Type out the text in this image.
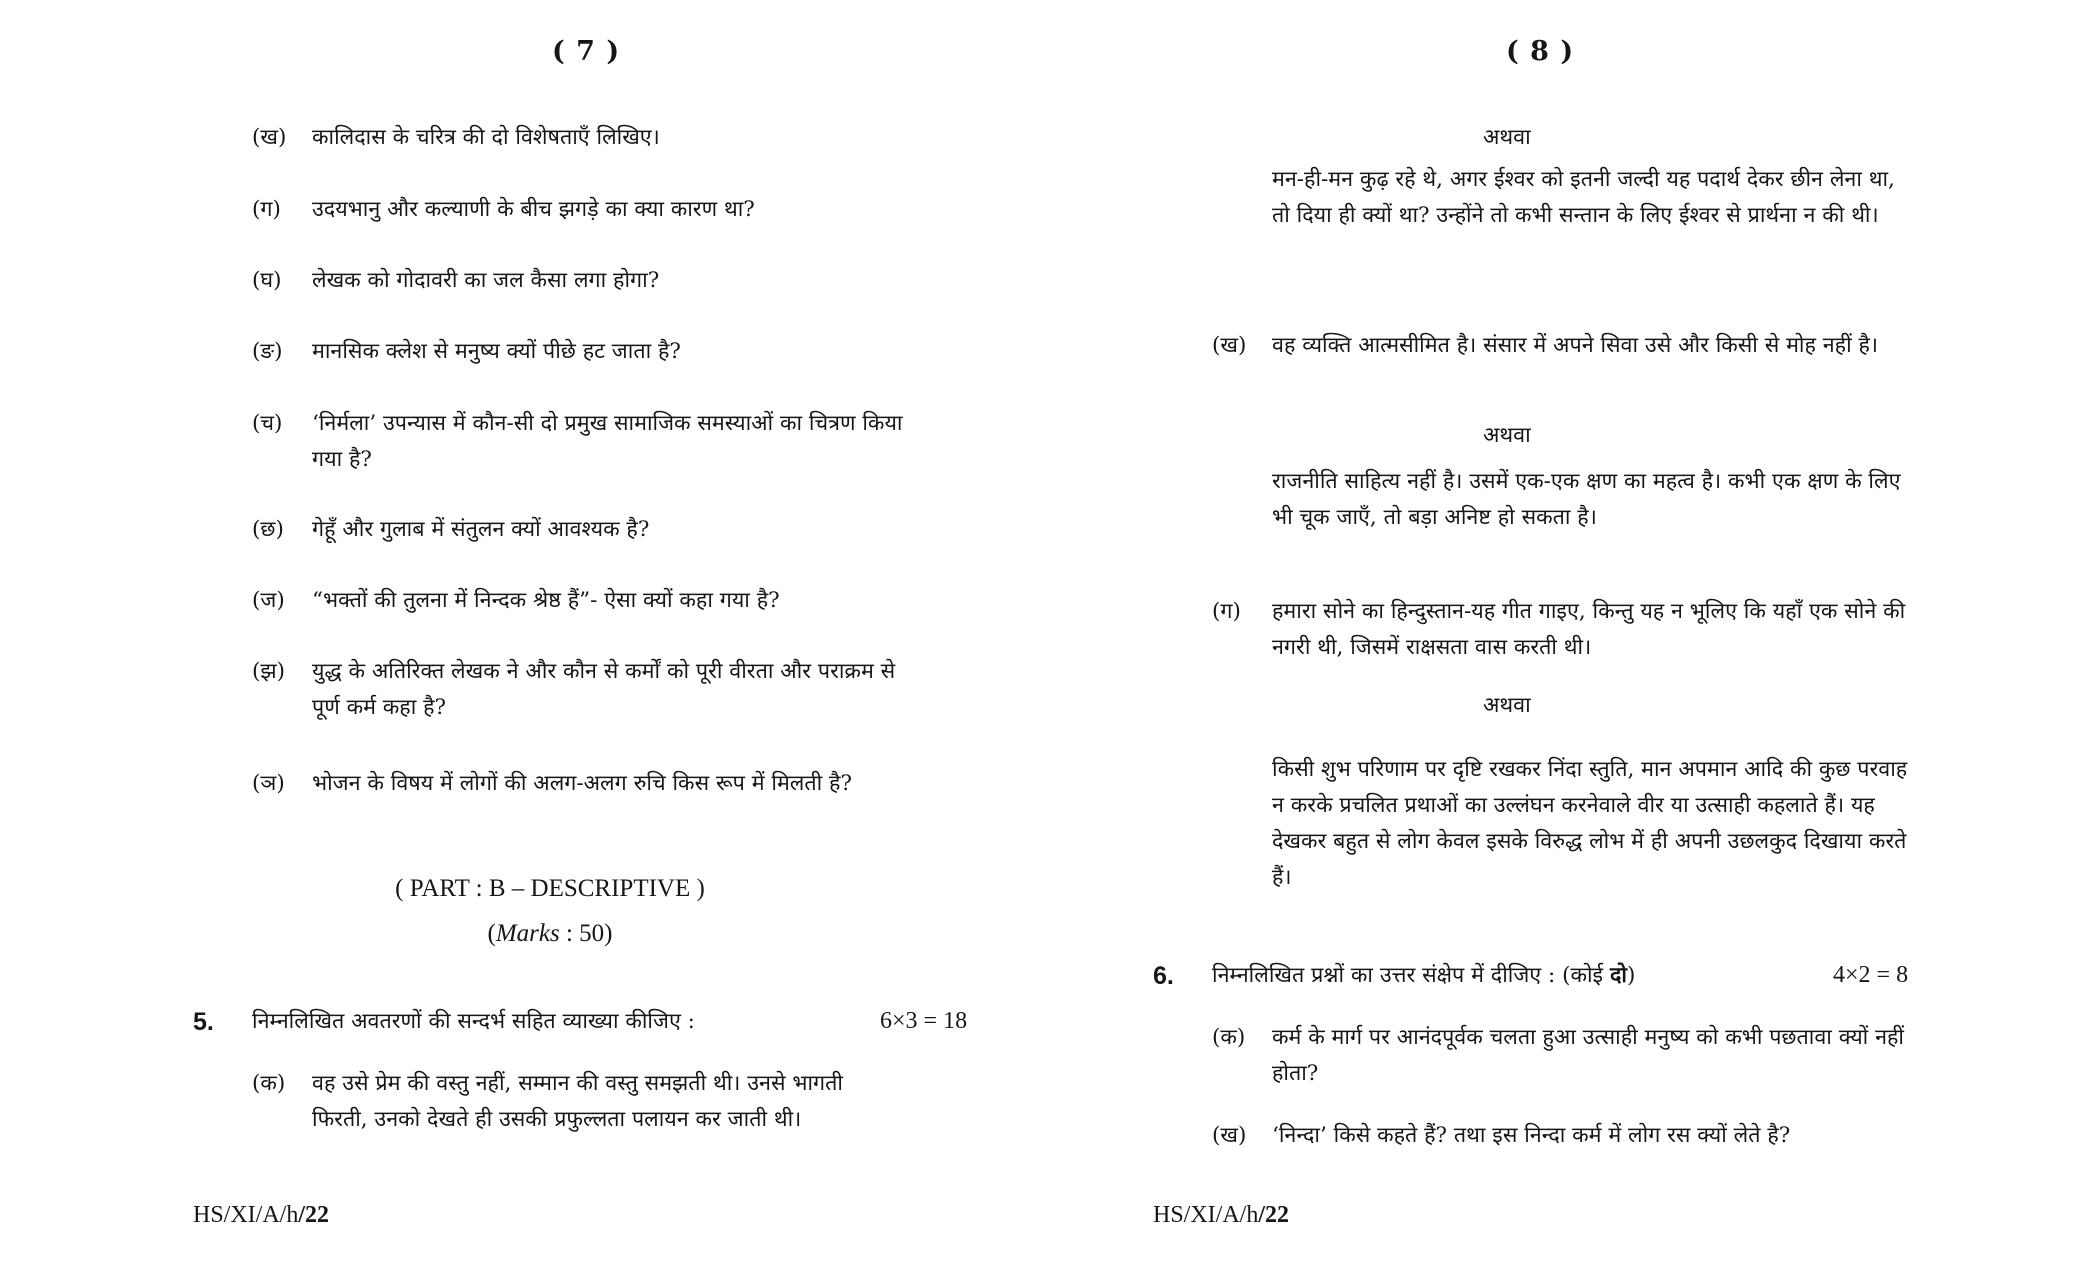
( 7 )
(ख)	कालिदास के चरित्र की दो विशेषताएँ लिखिए।
(ग)	उदयभानु और कल्याणी के बीच झगड़े का क्या कारण था?
(घ)	लेखक को गोदावरी का जल कैसा लगा होगा?
(ङ)	मानसिक क्लेश से मनुष्य क्यों पीछे हट जाता है?
(च)	‘निर्मला’ उपन्यास में कौन-सी दो प्रमुख सामाजिक समस्याओं का चित्रण किया गया है?
(छ)	गेहूँ और गुलाब में संतुलन क्यों आवश्यक है?
(ज)	“भक्तों की तुलना में निन्दक श्रेष्ठ हैं”- ऐसा क्यों कहा गया है?
(झ)	युद्ध के अतिरिक्त लेखक ने और कौन से कर्मों को पूरी वीरता और पराक्रम से पूर्ण कर्म कहा है?
(ञ)	भोजन के विषय में लोगों की अलग-अलग रुचि किस रूप में मिलती है?
( PART : B – DESCRIPTIVE )
(Marks : 50)
5. निम्नलिखित अवतरणों की सन्दर्भ सहित व्याख्या कीजिए :	6×3 = 18
(क)	वह उसे प्रेम की वस्तु नहीं, सम्मान की वस्तु समझती थी। उनसे भागती फिरती, उनको देखते ही उसकी प्रफुल्लता पलायन कर जाती थी।
HS/XI/A/h/22
( 8 )
अथवा
मन-ही-मन कुढ़ रहे थे, अगर ईश्वर को इतनी जल्दी यह पदार्थ देकर छीन लेना था, तो दिया ही क्यों था? उन्होंने तो कभी सन्तान के लिए ईश्वर से प्रार्थना न की थी।
(ख)	वह व्यक्ति आत्मसीमित है। संसार में अपने सिवा उसे और किसी से मोह नहीं है।
अथवा
राजनीति साहित्य नहीं है। उसमें एक-एक क्षण का महत्व है। कभी एक क्षण के लिए भी चूक जाएँ, तो बड़ा अनिष्ट हो सकता है।
(ग)	हमारा सोने का हिन्दुस्तान-यह गीत गाइए, किन्तु यह न भूलिए कि यहाँ एक सोने की नगरी थी, जिसमें राक्षसता वास करती थी।
अथवा
किसी शुभ परिणाम पर दृष्टि रखकर निंदा स्तुति, मान अपमान आदि की कुछ परवाह न करके प्रचलित प्रथाओं का उल्लंघन करनेवाले वीर या उत्साही कहलाते हैं। यह देखकर बहुत से लोग केवल इसके विरुद्ध लोभ में ही अपनी उछलकुद दिखाया करते हैं।
6. निम्नलिखित प्रश्नों का उत्तर संक्षेप में दीजिए : (कोई दो)	4×2 = 8
(क)	कर्म के मार्ग पर आनंदपूर्वक चलता हुआ उत्साही मनुष्य को कभी पछतावा क्यों नहीं होता?
(ख)	‘निन्दा’ किसे कहते हैं? तथा इस निन्दा कर्म में लोग रस क्यों लेते है?
HS/XI/A/h/22
